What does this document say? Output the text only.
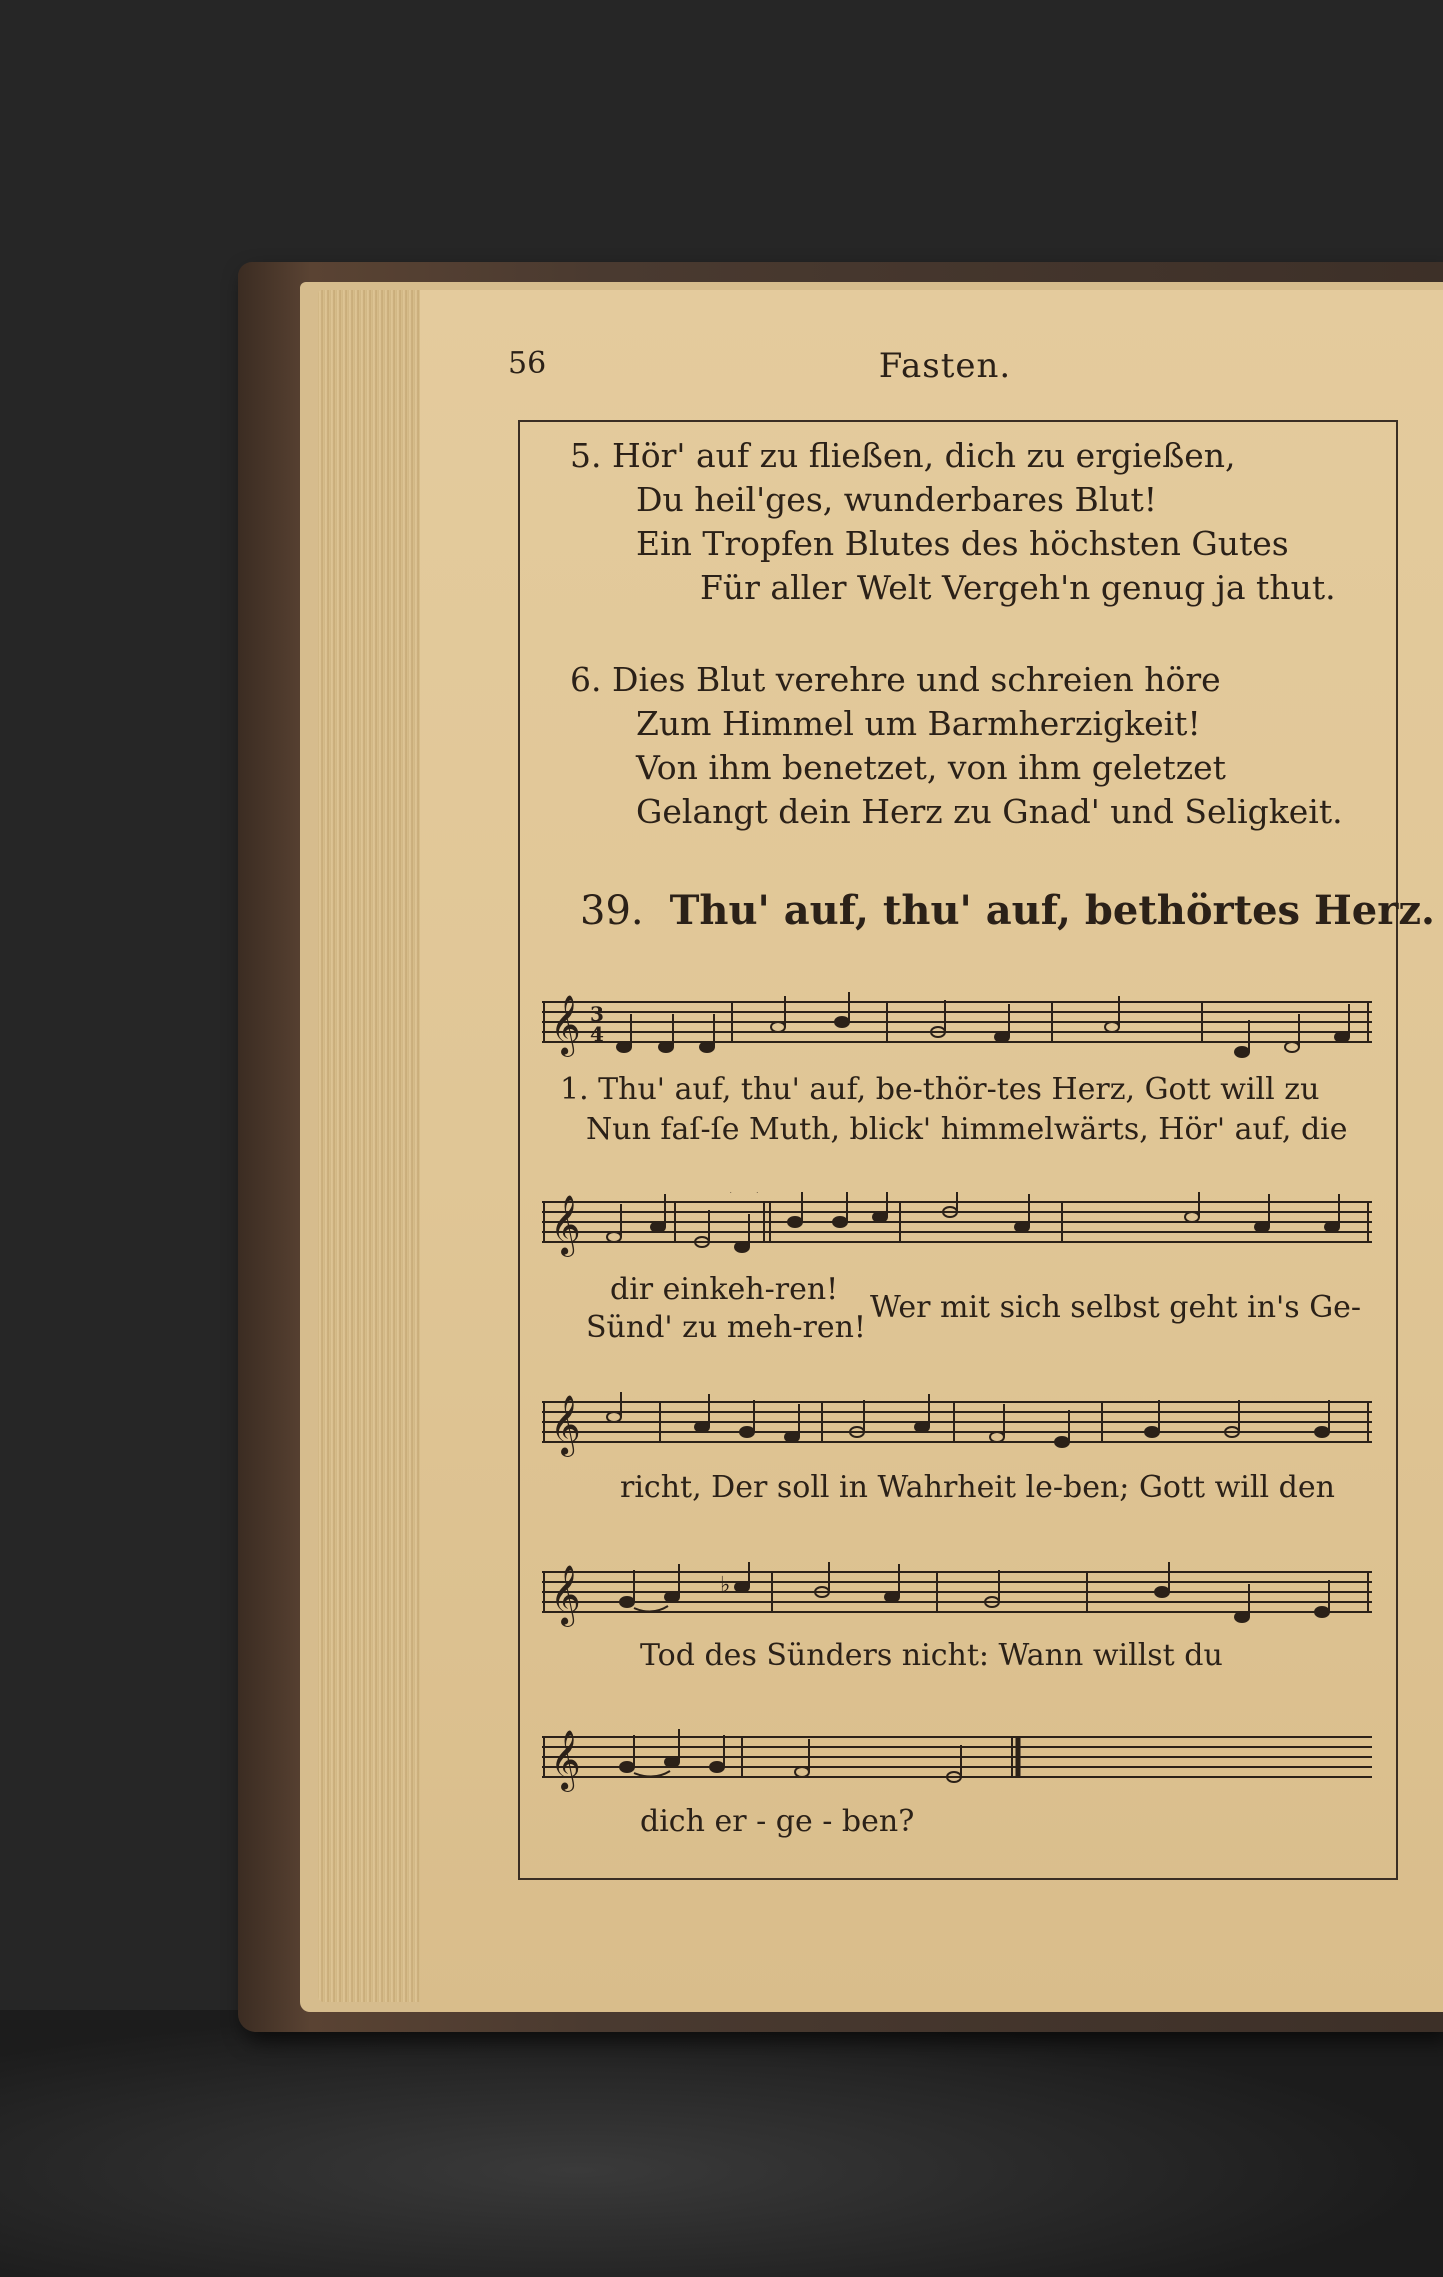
56	Fasten.
5. Hör' auf zu fließen, dich zu ergießen,
Du heil'ges, wunderbares Blut!
Ein Tropfen Blutes des höchsten Gutes
Für aller Welt Vergeh'n genug ja thut.
6. Dies Blut verehre und schreien höre
Zum Himmel um Barmherzigkeit!
Von ihm benetzet, von ihm geletzet
Gelangt dein Herz zu Gnad' und Seligkeit.
39. Thu' auf, thu' auf, bethörtes Herz.
𝄞 3
4
1. Thu' auf, thu' auf, be-thör-tes Herz, Gott will zu
Nun faſ-ſe Muth, blick' himmelwärts, Hör' auf, die
𝄞
dir einkeh-ren!
Sünd' zu meh-ren!
Wer mit sich selbst geht in's Ge-
𝄞
richt, Der soll in Wahrheit le-ben; Gott will den
𝄞	♭
Tod des Sünders nicht: Wann willst du
𝄞
dich er - ge - ben?
